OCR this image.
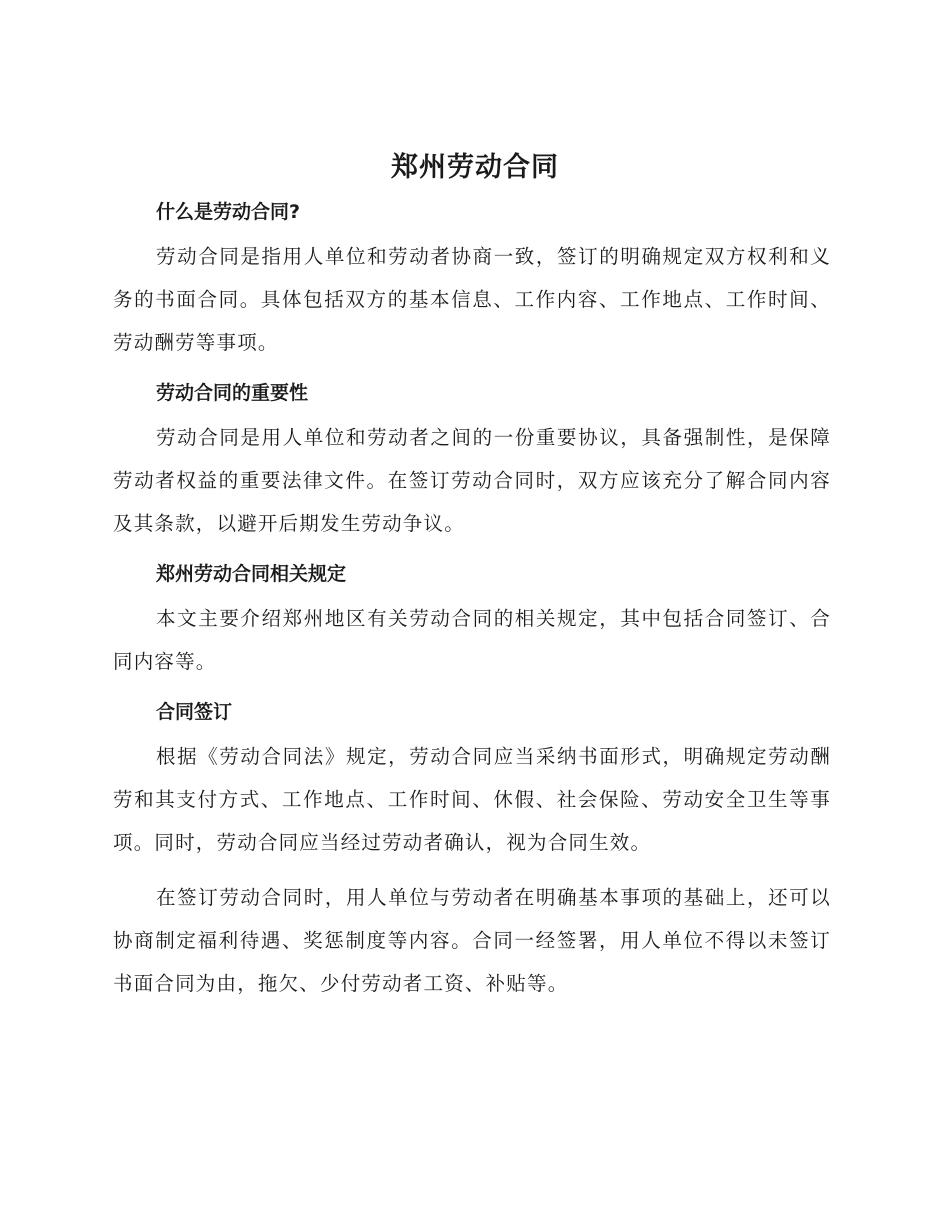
郑州劳动合同
什么是劳动合同?

劳动合同是指用人单位和劳动者协商一致，签订的明确规定双方权利和义务的书面合同。具体包括双方的基本信息、工作内容、工作地点、工作时间、劳动酬劳等事项。

劳动合同的重要性

劳动合同是用人单位和劳动者之间的一份重要协议，具备强制性，是保障劳动者权益的重要法律文件。在签订劳动合同时，双方应该充分了解合同内容及其条款，以避开后期发生劳动争议。

郑州劳动合同相关规定

本文主要介绍郑州地区有关劳动合同的相关规定，其中包括合同签订、合同内容等。

合同签订

根据《劳动合同法》规定，劳动合同应当采纳书面形式，明确规定劳动酬劳和其支付方式、工作地点、工作时间、休假、社会保险、劳动安全卫生等事项。同时，劳动合同应当经过劳动者确认，视为合同生效。

在签订劳动合同时，用人单位与劳动者在明确基本事项的基础上，还可以协商制定福利待遇、奖惩制度等内容。合同一经签署，用人单位不得以未签订书面合同为由，拖欠、少付劳动者工资、补贴等。
